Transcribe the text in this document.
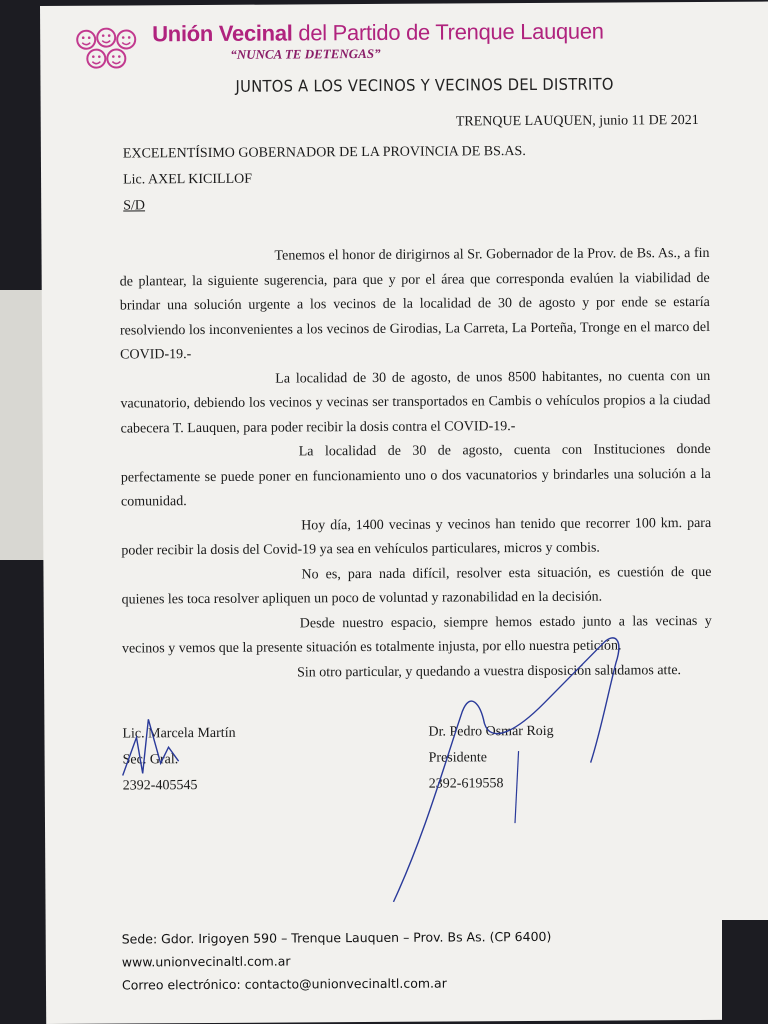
Unión Vecinal del Partido de Trenque Lauquen
“NUNCA TE DETENGAS”
JUNTOS A LOS VECINOS Y VECINOS DEL DISTRITO
TRENQUE LAUQUEN, junio 11 DE 2021
EXCELENTÍSIMO GOBERNADOR DE LA PROVINCIA DE BS.AS.
Lic. AXEL KICILLOF
S/D

Tenemos el honor de dirigirnos al Sr. Gobernador de la Prov. de Bs. As., a fin de plantear, la siguiente sugerencia, para que y por el área que corresponda evalúen la viabilidad de brindar una solución urgente a los vecinos de la localidad de 30 de agosto y por ende se estaría resolviendo los inconvenientes a los vecinos de Girodias, La Carreta, La Porteña, Tronge en el marco del COVID-19.-

La localidad de 30 de agosto, de unos 8500 habitantes, no cuenta con un vacunatorio, debiendo los vecinos y vecinas ser transportados en Cambis o vehículos propios a la ciudad cabecera T. Lauquen, para poder recibir la dosis contra el COVID-19.-

La localidad de 30 de agosto, cuenta con Instituciones donde perfectamente se puede poner en funcionamiento uno o dos vacunatorios y brindarles una solución a la comunidad.

Hoy día, 1400 vecinas y vecinos han tenido que recorrer 100 km. para poder recibir la dosis del Covid-19 ya sea en vehículos particulares, micros y combis.

No es, para nada difícil, resolver esta situación, es cuestión de que quienes les toca resolver apliquen un poco de voluntad y razonabilidad en la decisión.

Desde nuestro espacio, siempre hemos estado junto a las vecinas y vecinos y vemos que la presente situación es totalmente injusta, por ello nuestra petición.

Sin otro particular, y quedando a vuestra disposición saludamos atte.

Lic. Marcela Martín
Sec. Gral.
2392-405545
Dr. Pedro Osmar Roig
Presidente
2392-619558
Sede: Gdor. Irigoyen 590 – Trenque Lauquen – Prov. Bs As. (CP 6400)
www.unionvecinaltl.com.ar
Correo electrónico: contacto@unionvecinaltl.com.ar
